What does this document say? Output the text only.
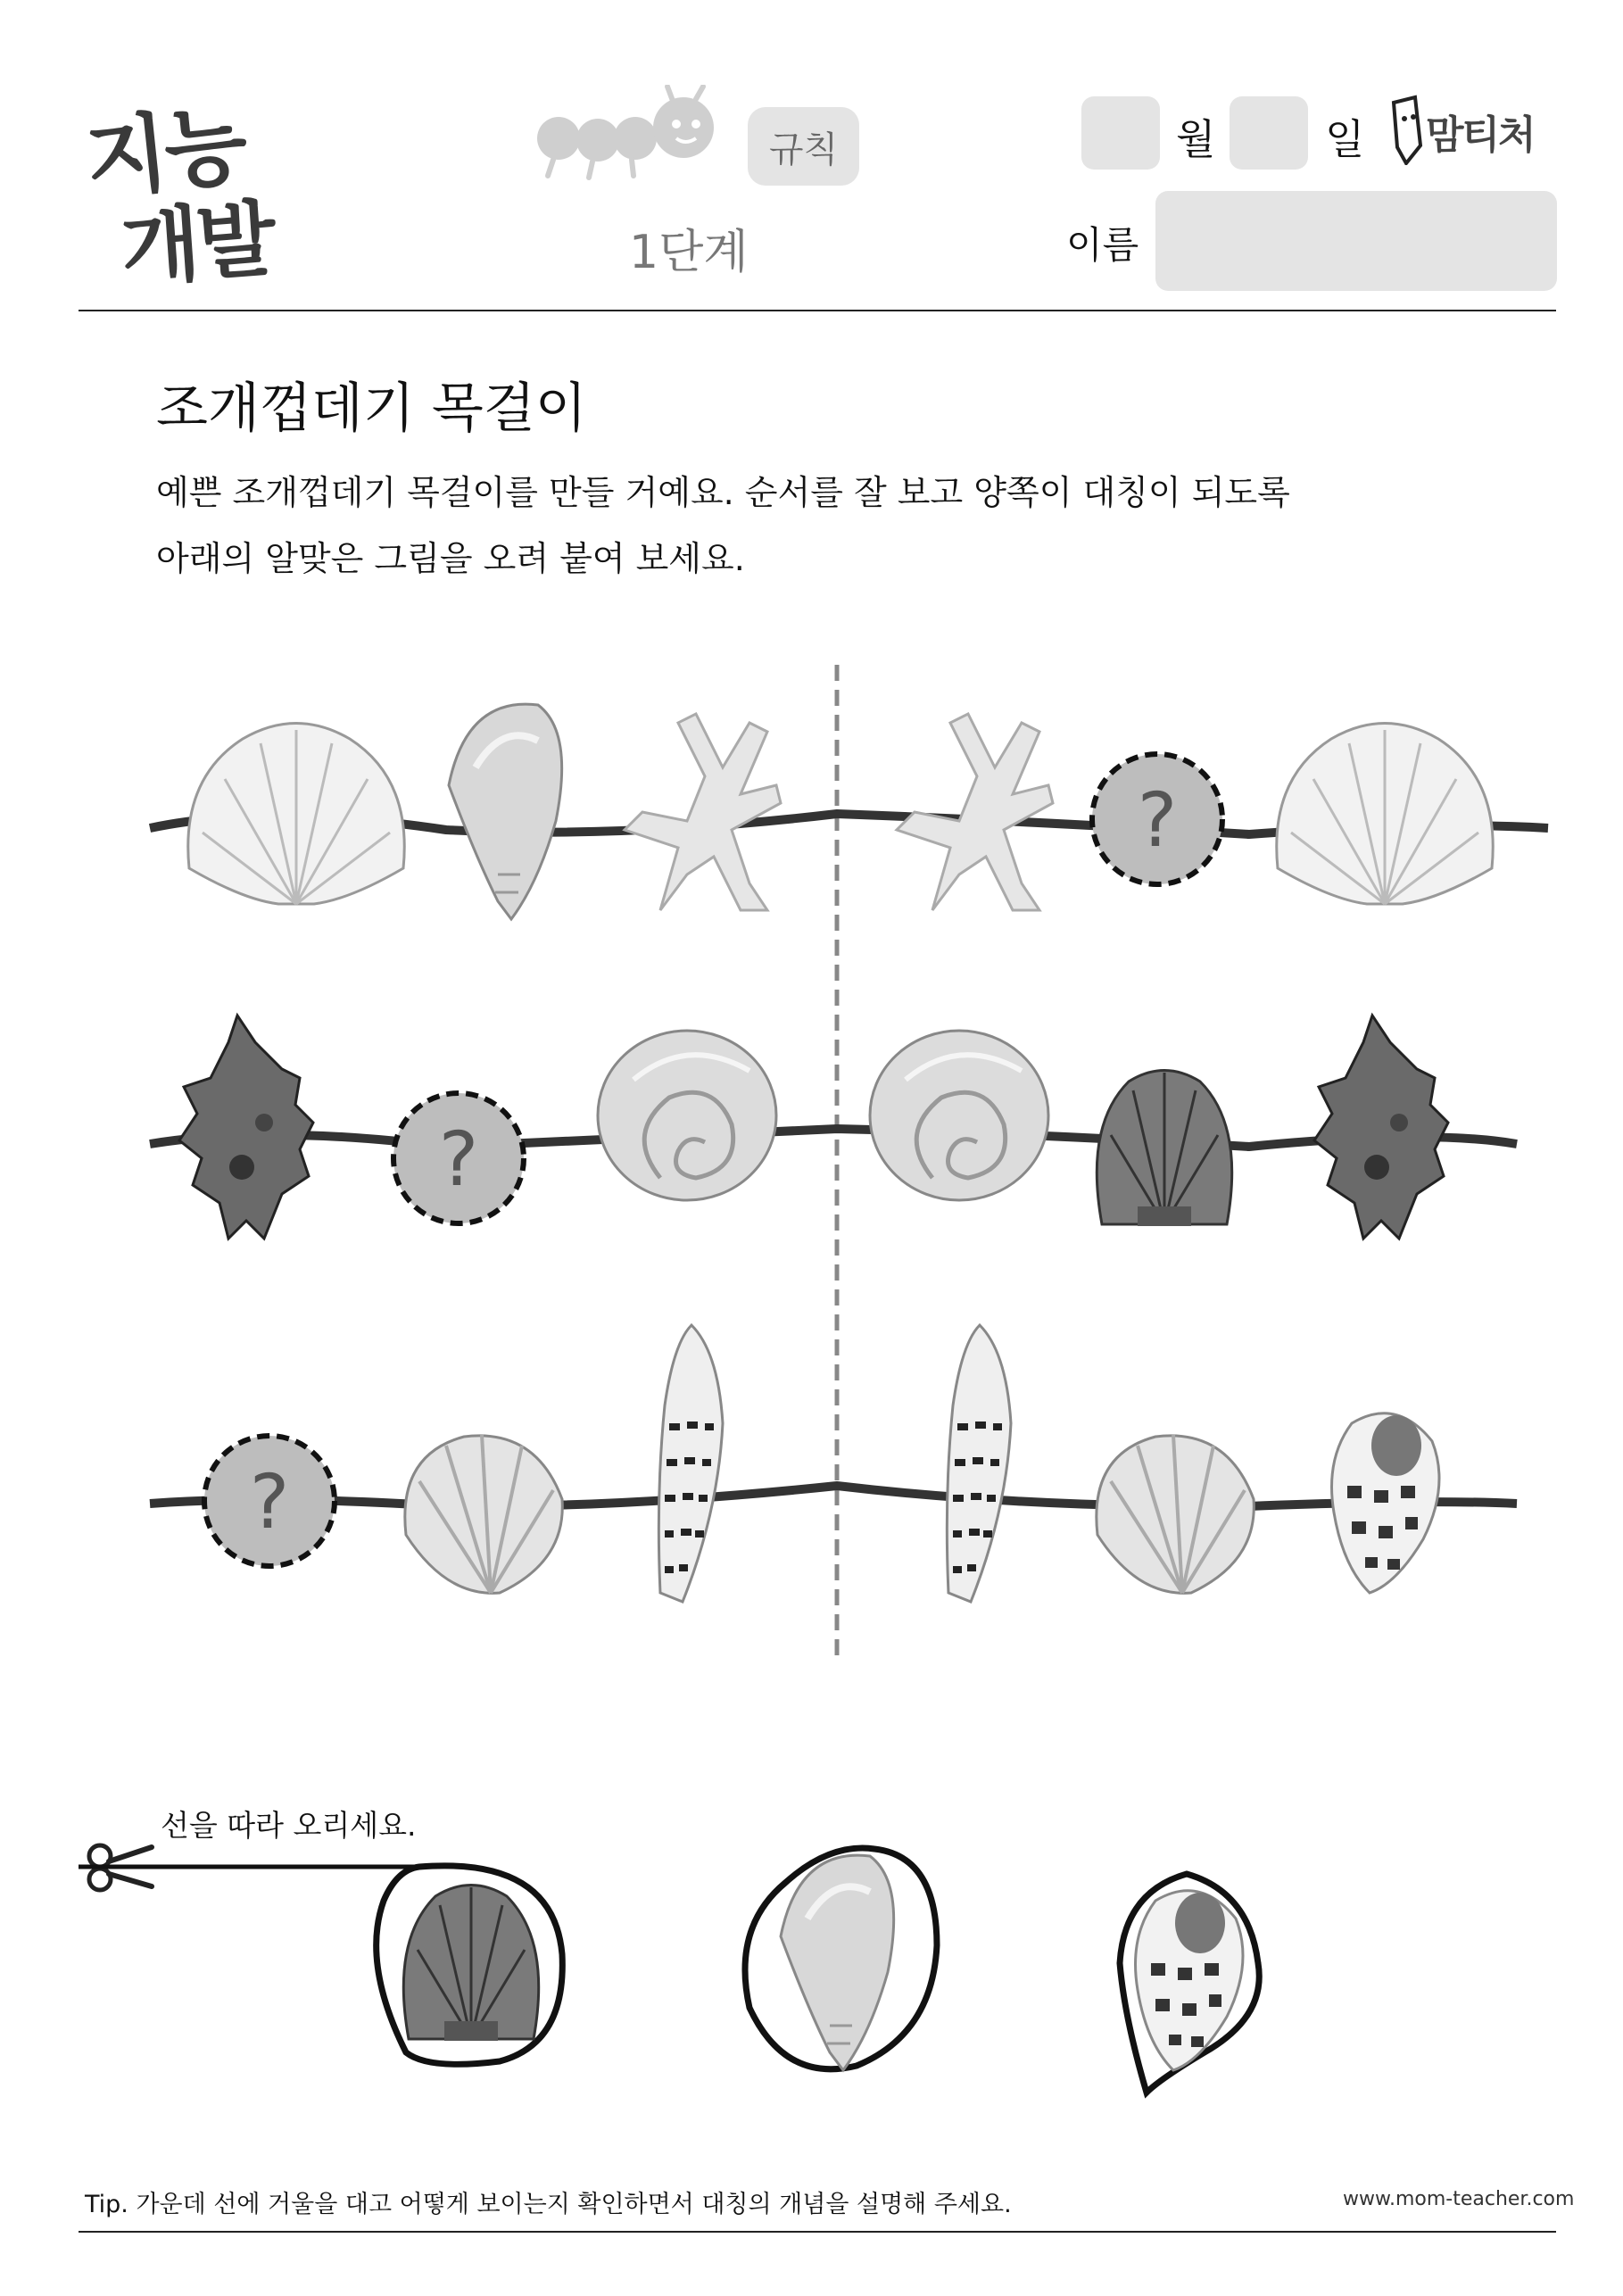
지능
개발
규칙
1단계
월	일 맘티처
이름
조개껍데기 목걸이
예쁜 조개껍데기 목걸이를 만들 거예요. 순서를 잘 보고 양쪽이 대칭이 되도록
아래의 알맞은 그림을 오려 붙여 보세요.
?
?
?
선을 따라 오리세요.
Tip. 가운데 선에 거울을 대고 어떻게 보이는지 확인하면서 대칭의 개념을 설명해 주세요.	www.mom-teacher.com
